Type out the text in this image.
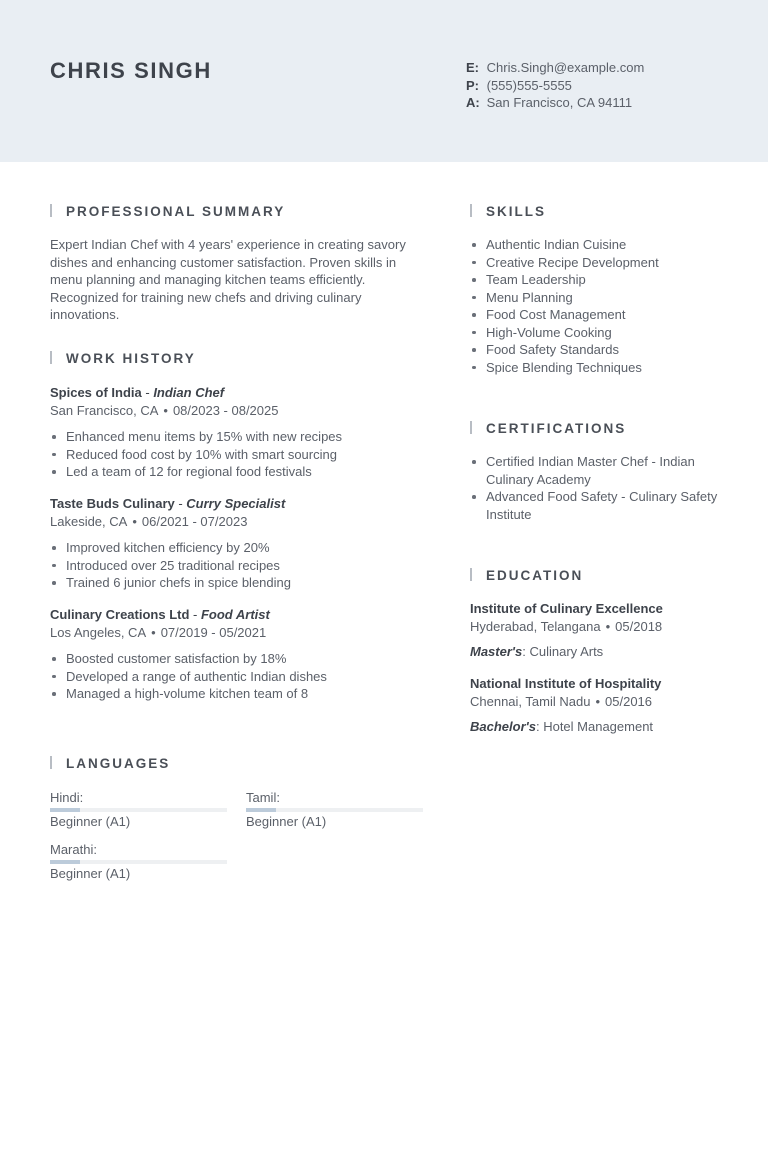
CHRIS SINGH	E: Chris.Singh@example.com
P: (555)555-5555
A: San Francisco, CA 94111
PROFESSIONAL SUMMARY

Expert Indian Chef with 4 years' experience in creating savory dishes and enhancing customer satisfaction. Proven skills in menu planning and managing kitchen teams efficiently. Recognized for training new chefs and driving culinary innovations.

WORK HISTORY
Spices of India - Indian Chef
San Francisco, CA • 08/2023 - 08/2025
Enhanced menu items by 15% with new recipes
Reduced food cost by 10% with smart sourcing
Led a team of 12 for regional food festivals
Taste Buds Culinary - Curry Specialist
Lakeside, CA • 06/2021 - 07/2023
Improved kitchen efficiency by 20%
Introduced over 25 traditional recipes
Trained 6 junior chefs in spice blending
Culinary Creations Ltd - Food Artist
Los Angeles, CA • 07/2019 - 05/2021
Boosted customer satisfaction by 18%
Developed a range of authentic Indian dishes
Managed a high-volume kitchen team of 8
LANGUAGES
Hindi:
Beginner (A1)
Tamil:
Beginner (A1)
Marathi:
Beginner (A1)
SKILLS
Authentic Indian Cuisine
Creative Recipe Development
Team Leadership
Menu Planning
Food Cost Management
High-Volume Cooking
Food Safety Standards
Spice Blending Techniques
CERTIFICATIONS
Certified Indian Master Chef - Indian Culinary Academy
Advanced Food Safety - Culinary Safety Institute
EDUCATION
Institute of Culinary Excellence
Hyderabad, Telangana • 05/2018
Master's: Culinary Arts
National Institute of Hospitality
Chennai, Tamil Nadu • 05/2016
Bachelor's: Hotel Management
